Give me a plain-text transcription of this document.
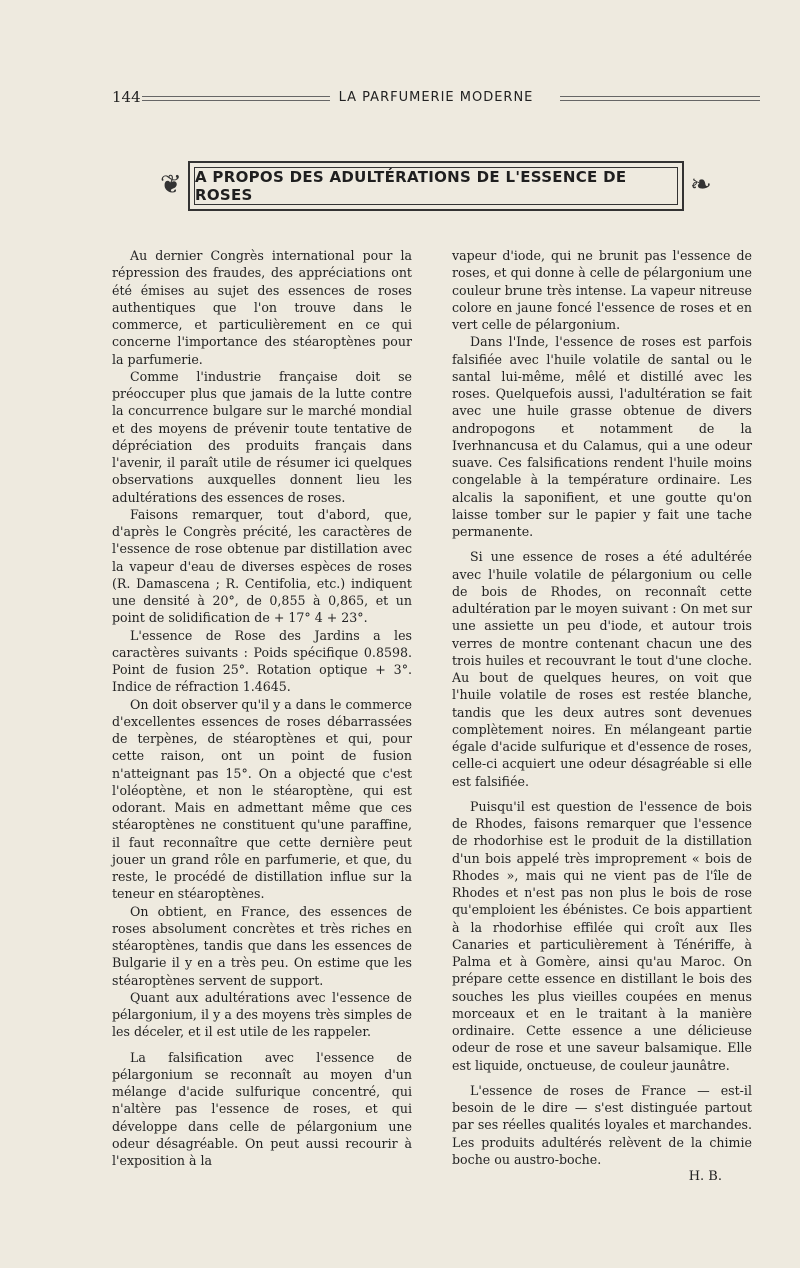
144	LA PARFUMERIE MODERNE
❦ A PROPOS DES ADULTÉRATIONS DE L'ESSENCE DE ROSES	❧

Au dernier Congrès international pour la répression des fraudes, des appréciations ont été émises au sujet des essences de roses authentiques que l'on trouve dans le commerce, et particulièrement en ce qui concerne l'importance des stéaroptènes pour la parfumerie.

Comme l'industrie française doit se préoccuper plus que jamais de la lutte contre la concurrence bulgare sur le marché mondial et des moyens de prévenir toute tentative de dépréciation des produits français dans l'avenir, il paraît utile de résumer ici quelques observations auxquelles donnent lieu les adultérations des essences de roses.

Faisons remarquer, tout d'abord, que, d'après le Congrès précité, les caractères de l'essence de rose obtenue par distillation avec la vapeur d'eau de diverses espèces de roses (R. Damascena ; R. Centifolia, etc.) indiquent une densité à 20°, de 0,855 à 0,865, et un point de solidification de + 17° 4 + 23°.

L'essence de Rose des Jardins a les caractères suivants : Poids spécifique 0.8598. Point de fusion 25°. Rotation optique + 3°. Indice de réfraction 1.4645.

On doit observer qu'il y a dans le commerce d'excellentes essences de roses débarrassées de terpènes, de stéaroptènes et qui, pour cette raison, ont un point de fusion n'atteignant pas 15°. On a objecté que c'est l'oléoptène, et non le stéaroptène, qui est odorant. Mais en admettant même que ces stéaroptènes ne constituent qu'une paraffine, il faut reconnaître que cette dernière peut jouer un grand rôle en parfumerie, et que, du reste, le procédé de distillation influe sur la teneur en stéaroptènes.

On obtient, en France, des essences de roses absolument concrètes et très riches en stéaroptènes, tandis que dans les essences de Bulgarie il y en a très peu. On estime que les stéaroptènes servent de support.

Quant aux adultérations avec l'essence de pélargonium, il y a des moyens très simples de les déceler, et il est utile de les rappeler.

La falsification avec l'essence de pélargonium se reconnaît au moyen d'un mélange d'acide sulfurique concentré, qui n'altère pas l'essence de roses, et qui développe dans celle de pélargonium une odeur désagréable. On peut aussi recourir à l'exposition à la

vapeur d'iode, qui ne brunit pas l'essence de roses, et qui donne à celle de pélargonium une couleur brune très intense. La vapeur nitreuse colore en jaune foncé l'essence de roses et en vert celle de pélargonium.

Dans l'Inde, l'essence de roses est parfois falsifiée avec l'huile volatile de santal ou le santal lui-même, mêlé et distillé avec les roses. Quelquefois aussi, l'adultération se fait avec une huile grasse obtenue de divers andropogons et notamment de la Iverhnancusa et du Calamus, qui a une odeur suave. Ces falsifications rendent l'huile moins congelable à la température ordinaire. Les alcalis la saponifient, et une goutte qu'on laisse tomber sur le papier y fait une tache permanente.

Si une essence de roses a été adultérée avec l'huile volatile de pélargonium ou celle de bois de Rhodes, on reconnaît cette adultération par le moyen suivant : On met sur une assiette un peu d'iode, et autour trois verres de montre contenant chacun une des trois huiles et recouvrant le tout d'une cloche. Au bout de quelques heures, on voit que l'huile volatile de roses est restée blanche, tandis que les deux autres sont devenues complètement noires. En mélangeant partie égale d'acide sulfurique et d'essence de roses, celle-ci acquiert une odeur désagréable si elle est falsifiée.

Puisqu'il est question de l'essence de bois de Rhodes, faisons remarquer que l'essence de rhodorhise est le produit de la distillation d'un bois appelé très improprement « bois de Rhodes », mais qui ne vient pas de l'île de Rhodes et n'est pas non plus le bois de rose qu'emploient les ébénistes. Ce bois appartient à la rhodorhise effilée qui croît aux Iles Canaries et particulièrement à Ténériffe, à Palma et à Gomère, ainsi qu'au Maroc. On prépare cette essence en distillant le bois des souches les plus vieilles coupées en menus morceaux et en le traitant à la manière ordinaire. Cette essence a une délicieuse odeur de rose et une saveur balsamique. Elle est liquide, onctueuse, de couleur jaunâtre.

L'essence de roses de France — est-il besoin de le dire — s'est distinguée partout par ses réelles qualités loyales et marchandes. Les produits adultérés relèvent de la chimie boche ou austro-boche.

H. B.
